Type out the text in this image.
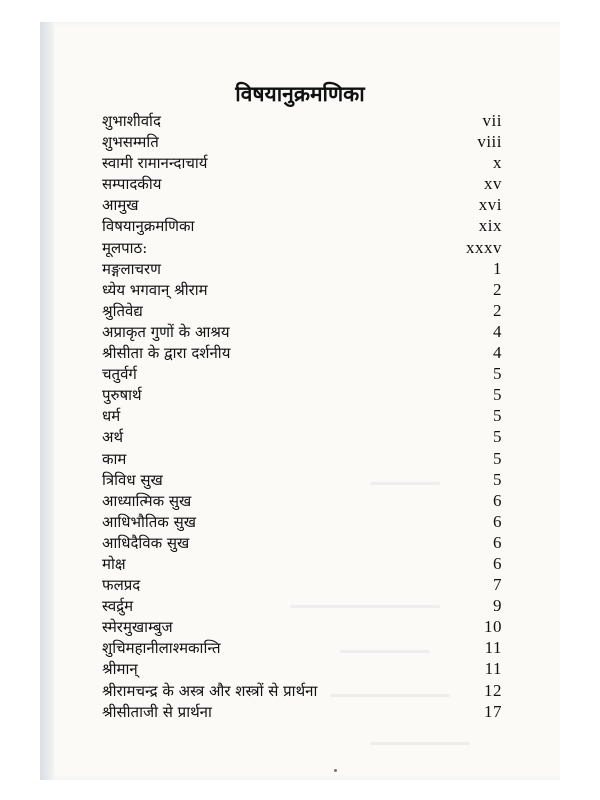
विषयानुक्रमणिका
शुभाशीर्वाद	vii
शुभसम्मति	viii
स्वामी रामानन्दाचार्य	x
सम्पादकीय	xv
आमुख	xvi
विषयानुक्रमणिका	xix
मूलपाठ:	xxxv
मङ्गलाचरण	1
ध्येय भगवान् श्रीराम	2
श्रुतिवेद्य	2
अप्राकृत गुणों के आश्रय	4
श्रीसीता के द्वारा दर्शनीय	4
चतुर्वर्ग	5
पुरुषार्थ	5
धर्म	5
अर्थ	5
काम	5
त्रिविध सुख	5
आध्यात्मिक सुख	6
आधिभौतिक सुख	6
आधिदैविक सुख	6
मोक्ष	6
फलप्रद	7
स्वर्द्रुम	9
स्मेरमुखाम्बुज	10
शुचिमहानीलाश्मकान्ति	11
श्रीमान्	11
श्रीरामचन्द्र के अस्त्र और शस्त्रों से प्रार्थना	12
श्रीसीताजी से प्रार्थना	17
